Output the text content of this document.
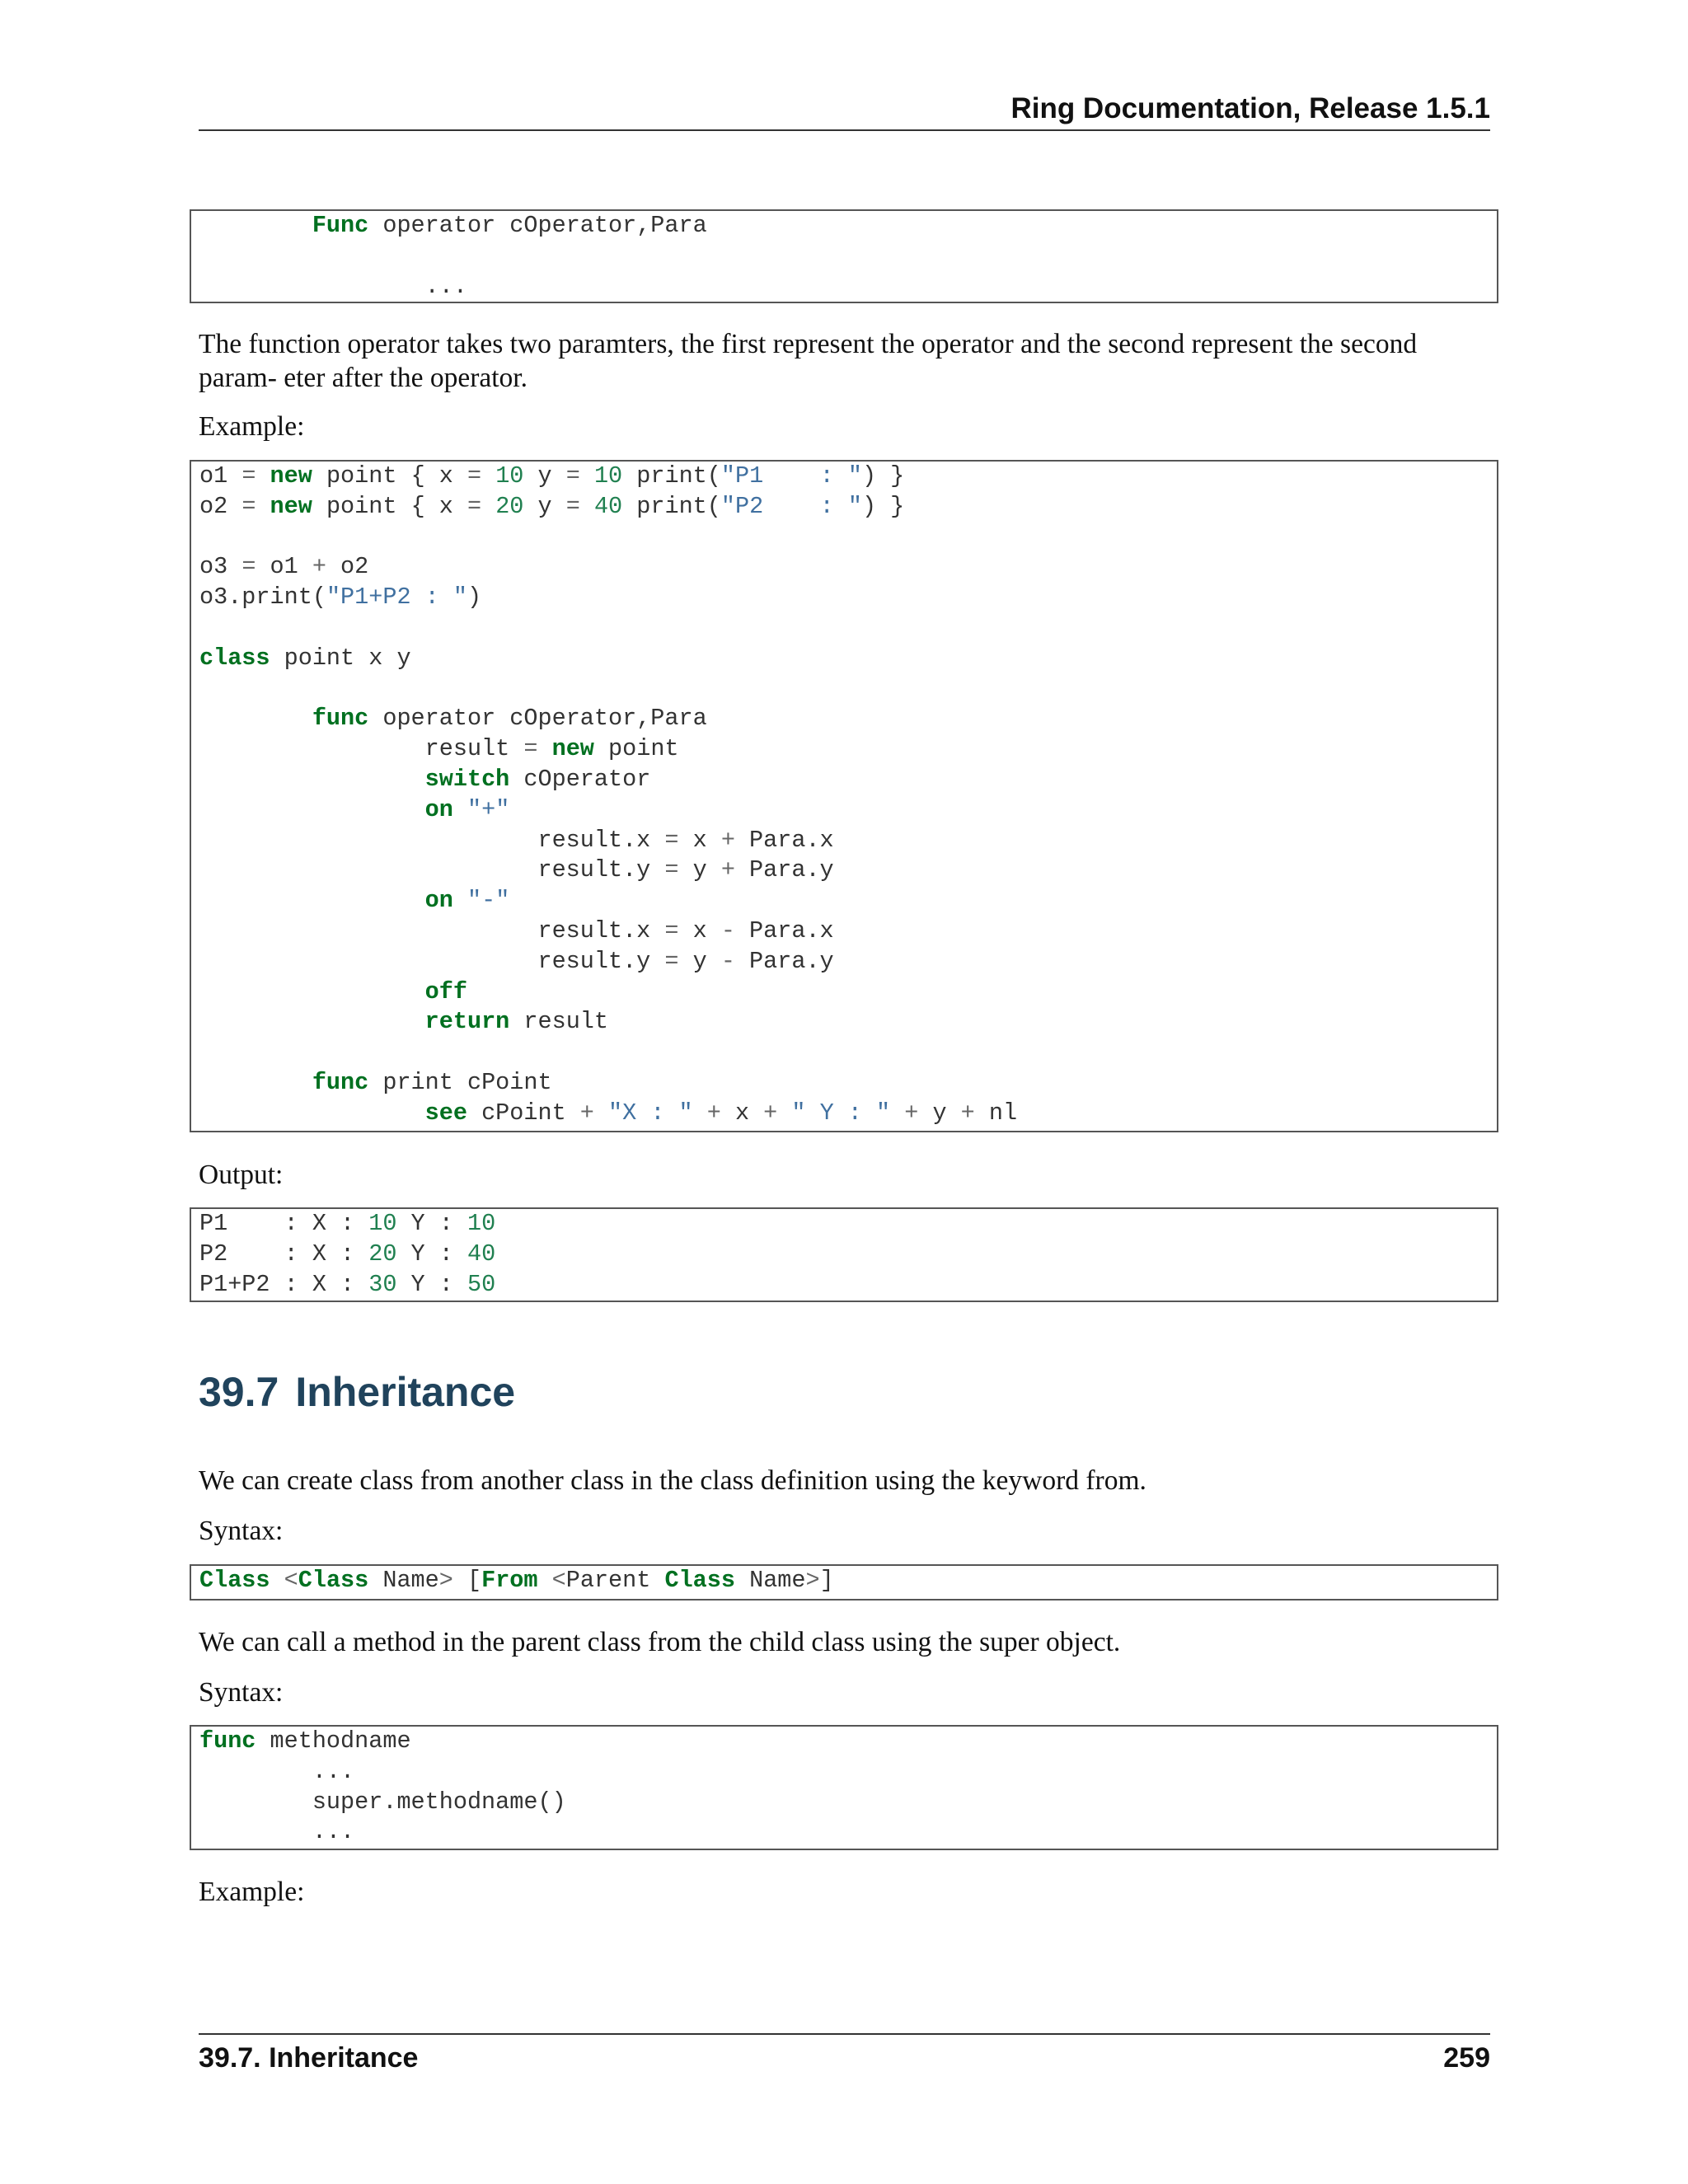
Ring Documentation, Release 1.5.1
Func operator cOperator,Para
...

The function operator takes two paramters, the first represent the operator and the second represent the second param- eter after the operator.

Example:

o1 = new point { x = 10 y = 10 print("P1    : ") }
o2 = new point { x = 20 y = 40 print("P2    : ") }
o3 = o1 + o2
o3.print("P1+P2 : ")
class point x y
func operator cOperator,Para
result = new point
switch cOperator
on "+"
result.x = x + Para.x
result.y = y + Para.y
on "-"
result.x = x - Para.x
result.y = y - Para.y
off
return result
func print cPoint
see cPoint + "X : " + x + " Y : " + y + nl

Output:

P1    : X : 10 Y : 10
P2    : X : 20 Y : 40
P1+P2 : X : 30 Y : 50
39.7 Inheritance

We can create class from another class in the class definition using the keyword from.

Syntax:

Class <Class Name> [From <Parent Class Name>]

We can call a method in the parent class from the child class using the super object.

Syntax:

func methodname
...
super.methodname()
...

Example:

39.7. Inheritance	259
